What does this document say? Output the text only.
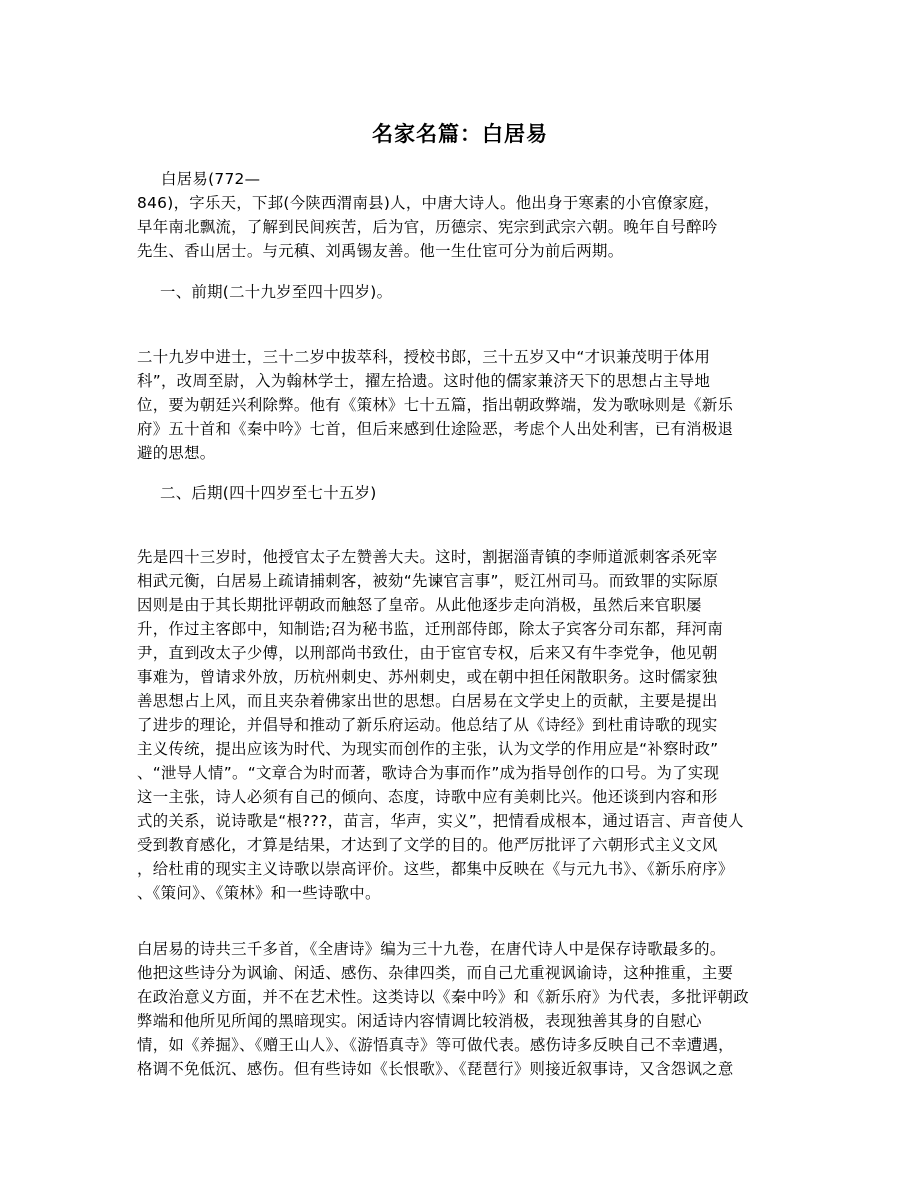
名家名篇：白居易
白居易(772—
846)，字乐天，下邽(今陕西渭南县)人，中唐大诗人。他出身于寒素的小官僚家庭，
早年南北飘流，了解到民间疾苦，后为官，历德宗、宪宗到武宗六朝。晚年自号醉吟
先生、香山居士。与元稹、刘禹锡友善。他一生仕宦可分为前后两期。
一、前期(二十九岁至四十四岁)。
二十九岁中进士，三十二岁中拔萃科，授校书郎，三十五岁又中“才识兼茂明于体用
科”，改周至尉，入为翰林学士，擢左拾遗。这时他的儒家兼济天下的思想占主导地
位，要为朝廷兴利除弊。他有《策林》七十五篇，指出朝政弊端，发为歌咏则是《新乐
府》五十首和《秦中吟》七首，但后来感到仕途险恶，考虑个人出处利害，已有消极退
避的思想。
二、后期(四十四岁至七十五岁)
先是四十三岁时，他授官太子左赞善大夫。这时，割据淄青镇的李师道派刺客杀死宰
相武元衡，白居易上疏请捕刺客，被劾“先谏官言事”，贬江州司马。而致罪的实际原
因则是由于其长期批评朝政而触怒了皇帝。从此他逐步走向消极，虽然后来官职屡
升，作过主客郎中，知制诰;召为秘书监，迁刑部侍郎，除太子宾客分司东都，拜河南
尹，直到改太子少傅，以刑部尚书致仕，由于宦官专权，后来又有牛李党争，他见朝
事难为，曾请求外放，历杭州刺史、苏州刺史，或在朝中担任闲散职务。这时儒家独
善思想占上风，而且夹杂着佛家出世的思想。白居易在文学史上的贡献，主要是提出
了进步的理论，并倡导和推动了新乐府运动。他总结了从《诗经》到杜甫诗歌的现实
主义传统，提出应该为时代、为现实而创作的主张，认为文学的作用应是“补察时政”
、“泄导人情”。“文章合为时而著，歌诗合为事而作”成为指导创作的口号。为了实现
这一主张，诗人必须有自己的倾向、态度，诗歌中应有美刺比兴。他还谈到内容和形
式的关系，说诗歌是“根???，苗言，华声，实义”，把情看成根本，通过语言、声音使人
受到教育感化，才算是结果，才达到了文学的目的。他严厉批评了六朝形式主义文风
，给杜甫的现实主义诗歌以崇高评价。这些，都集中反映在《与元九书》、《新乐府序》
、《策问》、《策林》和一些诗歌中。
白居易的诗共三千多首，《全唐诗》编为三十九卷，在唐代诗人中是保存诗歌最多的。
他把这些诗分为讽谕、闲适、感伤、杂律四类，而自己尤重视讽谕诗，这种推重，主要
在政治意义方面，并不在艺术性。这类诗以《秦中吟》和《新乐府》为代表，多批评朝政
弊端和他所见所闻的黑暗现实。闲适诗内容情调比较消极，表现独善其身的自慰心
情，如《养掘》、《赠王山人》、《游悟真寺》等可做代表。感伤诗多反映自己不幸遭遇，
格调不免低沉、感伤。但有些诗如《长恨歌》、《琵琶行》则接近叙事诗，又含怨讽之意
